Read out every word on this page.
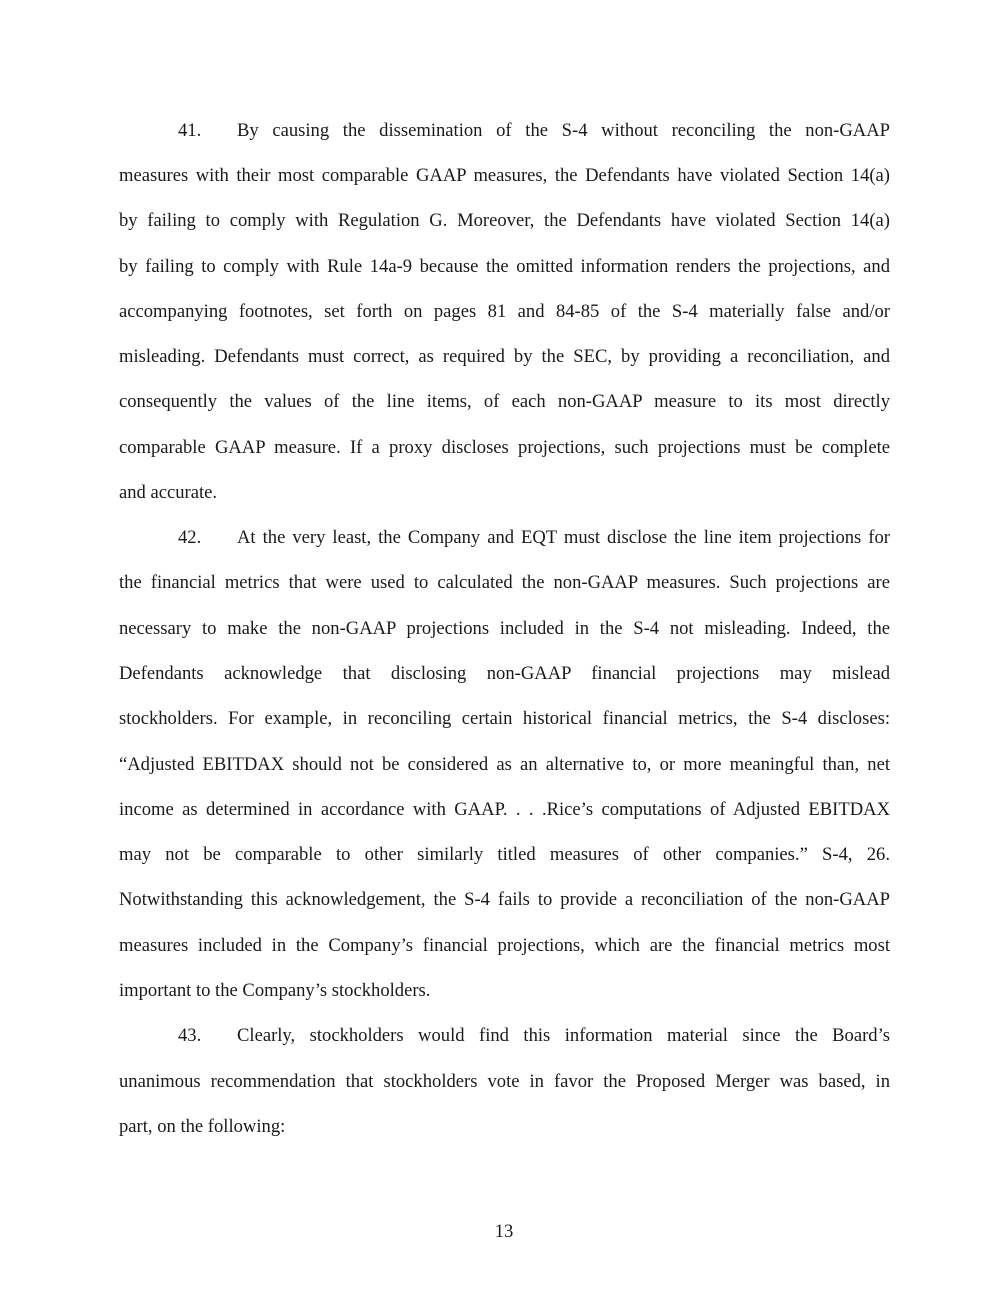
41. By causing the dissemination of the S-4 without reconciling the non-GAAP
measures with their most comparable GAAP measures, the Defendants have violated Section 14(a)
by failing to comply with Regulation G. Moreover, the Defendants have violated Section 14(a)
by failing to comply with Rule 14a-9 because the omitted information renders the projections, and
accompanying footnotes, set forth on pages 81 and 84-85 of the S-4 materially false and/or
misleading. Defendants must correct, as required by the SEC, by providing a reconciliation, and
consequently the values of the line items, of each non-GAAP measure to its most directly
comparable GAAP measure. If a proxy discloses projections, such projections must be complete
and accurate.
42. At the very least, the Company and EQT must disclose the line item projections for
the financial metrics that were used to calculated the non-GAAP measures. Such projections are
necessary to make the non-GAAP projections included in the S-4 not misleading. Indeed, the
Defendants acknowledge that disclosing non-GAAP financial projections may mislead
stockholders. For example, in reconciling certain historical financial metrics, the S-4 discloses:
“Adjusted EBITDAX should not be considered as an alternative to, or more meaningful than, net
income as determined in accordance with GAAP. . . .Rice’s computations of Adjusted EBITDAX
may not be comparable to other similarly titled measures of other companies.” S-4, 26.
Notwithstanding this acknowledgement, the S-4 fails to provide a reconciliation of the non-GAAP
measures included in the Company’s financial projections, which are the financial metrics most
important to the Company’s stockholders.
43. Clearly, stockholders would find this information material since the Board’s
unanimous recommendation that stockholders vote in favor the Proposed Merger was based, in
part, on the following:
13
